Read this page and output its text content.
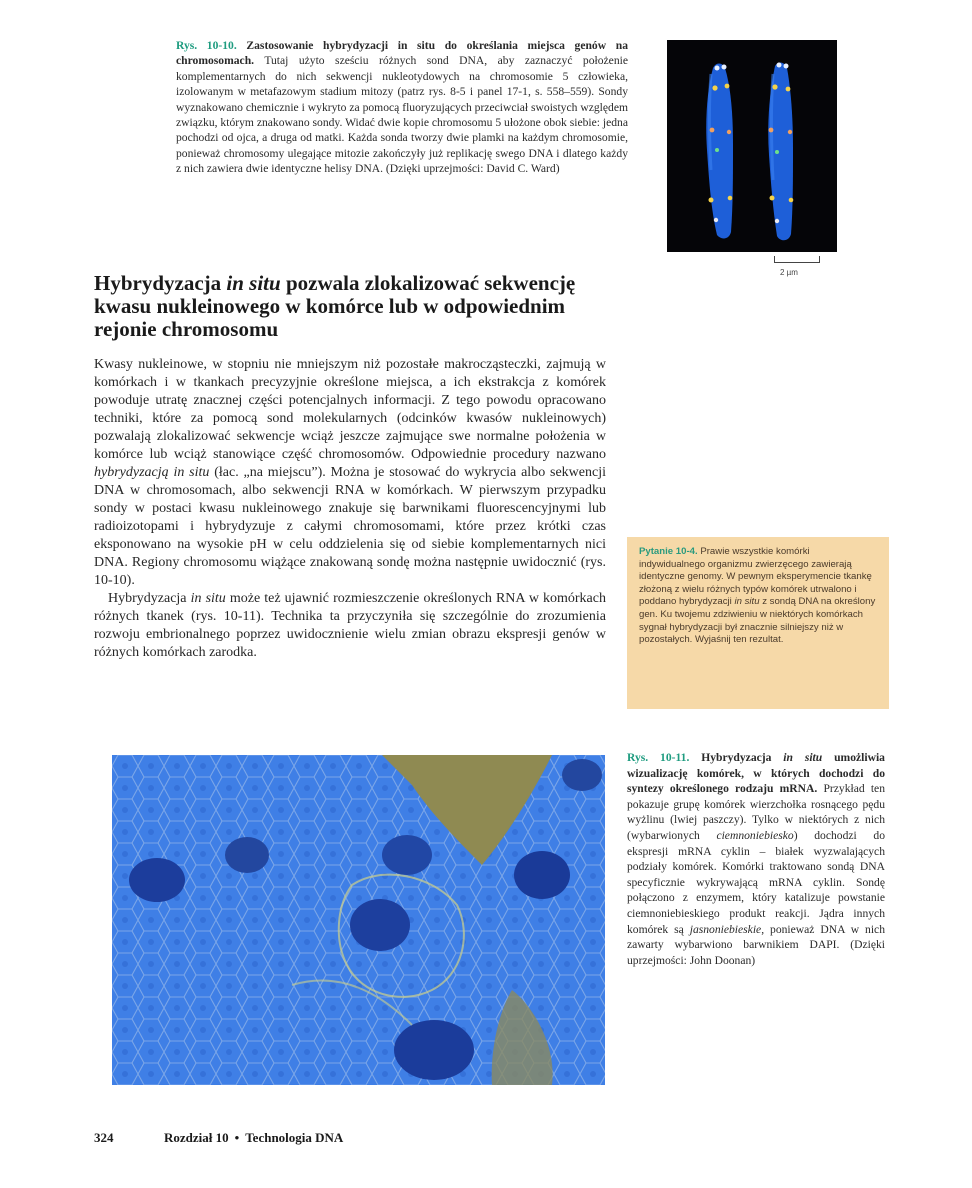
Rys. 10-10. Zastosowanie hybrydyzacji in situ do określania miejsca genów na chromosomach. Tutaj użyto sześciu różnych sond DNA, aby zaznaczyć położenie komplementarnych do nich sekwencji nukleotydowych na chromosomie 5 człowieka, izolowanym w metafazowym stadium mitozy (patrz rys. 8-5 i panel 17-1, s. 558–559). Sondy wyznakowano chemicznie i wykryto za pomocą fluoryzujących przeciwciał swoistych względem związku, którym znakowano sondy. Widać dwie kopie chromosomu 5 ułożone obok siebie: jedna pochodzi od ojca, a druga od matki. Każda sonda tworzy dwie plamki na każdym chromosomie, ponieważ chromosomy ulegające mitozie zakończyły już replikację swego DNA i dlatego każdy z nich zawiera dwie identyczne helisy DNA. (Dzięki uprzejmości: David C. Ward)
2 µm
Hybrydyzacja in situ pozwala zlokalizować sekwencję kwasu nukleinowego w komórce lub w odpowiednim rejonie chromosomu

Kwasy nukleinowe, w stopniu nie mniejszym niż pozostałe makrocząsteczki, zajmują w komórkach i w tkankach precyzyjnie określone miejsca, a ich ekstrakcja z komórek powoduje utratę znacznej części potencjalnych informacji. Z tego powodu opracowano techniki, które za pomocą sond molekularnych (odcinków kwasów nukleinowych) pozwalają zlokalizować sekwencje wciąż jeszcze zajmujące swe normalne położenia w komórce lub wciąż stanowiące część chromosomów. Odpowiednie procedury nazwano hybrydyzacją in situ (łac. „na miejscu”). Można je stosować do wykrycia albo sekwencji DNA w chromosomach, albo sekwencji RNA w komórkach. W pierwszym przypadku sondy w postaci kwasu nukleinowego znakuje się barwnikami fluorescencyjnymi lub radioizotopami i hybrydyzuje z całymi chromosomami, które przez krótki czas eksponowano na wysokie pH w celu oddzielenia się od siebie komplementarnych nici DNA. Regiony chromosomu wiążące znakowaną sondę można następnie uwidocznić (rys. 10-10).

Hybrydyzacja in situ może też ujawnić rozmieszczenie określonych RNA w komórkach różnych tkanek (rys. 10-11). Technika ta przyczyniła się szczególnie do zrozumienia rozwoju embrionalnego poprzez uwidocznienie wielu zmian obrazu ekspresji genów w różnych komórkach zarodka.

Pytanie 10-4. Prawie wszystkie komórki indywidualnego organizmu zwierzęcego zawierają identyczne genomy. W pewnym eksperymencie tkankę złożoną z wielu różnych typów komórek utrwalono i poddano hybrydyzacji in situ z sondą DNA na określony gen. Ku twojemu zdziwieniu w niektórych komórkach sygnał hybrydyzacji był znacznie silniejszy niż w pozostałych. Wyjaśnij ten rezultat.
Rys. 10-11. Hybrydyzacja in situ umożliwia wizualizację komórek, w których dochodzi do syntezy określonego rodzaju mRNA. Przykład ten pokazuje grupę komórek wierzchołka rosnącego pędu wyżlinu (lwiej paszczy). Tylko w niektórych z nich (wybarwionych ciemnoniebiesko) dochodzi do ekspresji mRNA cyklin – białek wyzwalających podziały komórek. Komórki traktowano sondą DNA specyficznie wykrywającą mRNA cyklin. Sondę połączono z enzymem, który katalizuje powstanie ciemnoniebieskiego produkt reakcji. Jądra innych komórek są jasnoniebieskie, ponieważ DNA w nich zawarty wybarwiono barwnikiem DAPI. (Dzięki uprzejmości: John Doonan)
324	Rozdział 10 • Technologia DNA
